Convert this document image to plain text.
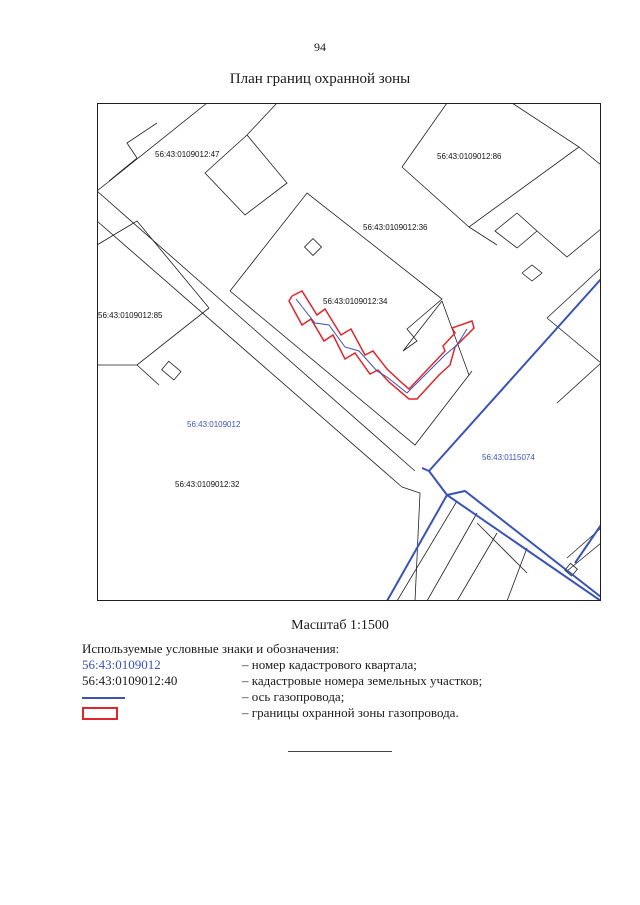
94
План границ охранной зоны
56:43:0109012:47	56:43:0109012:86
56:43:0109012:36
56:43:0109012:34
56:43:0109012:85
56:43:0109012:32
56:43:0109012
56:43:0115074
Масштаб 1:1500
Используемые условные знаки и обозначения:
56:43:0109012	– номер кадастрового квартала;
56:43:0109012:40	– кадастровые номера земельных участков;
– ось газопровода;
– границы охранной зоны газопровода.
